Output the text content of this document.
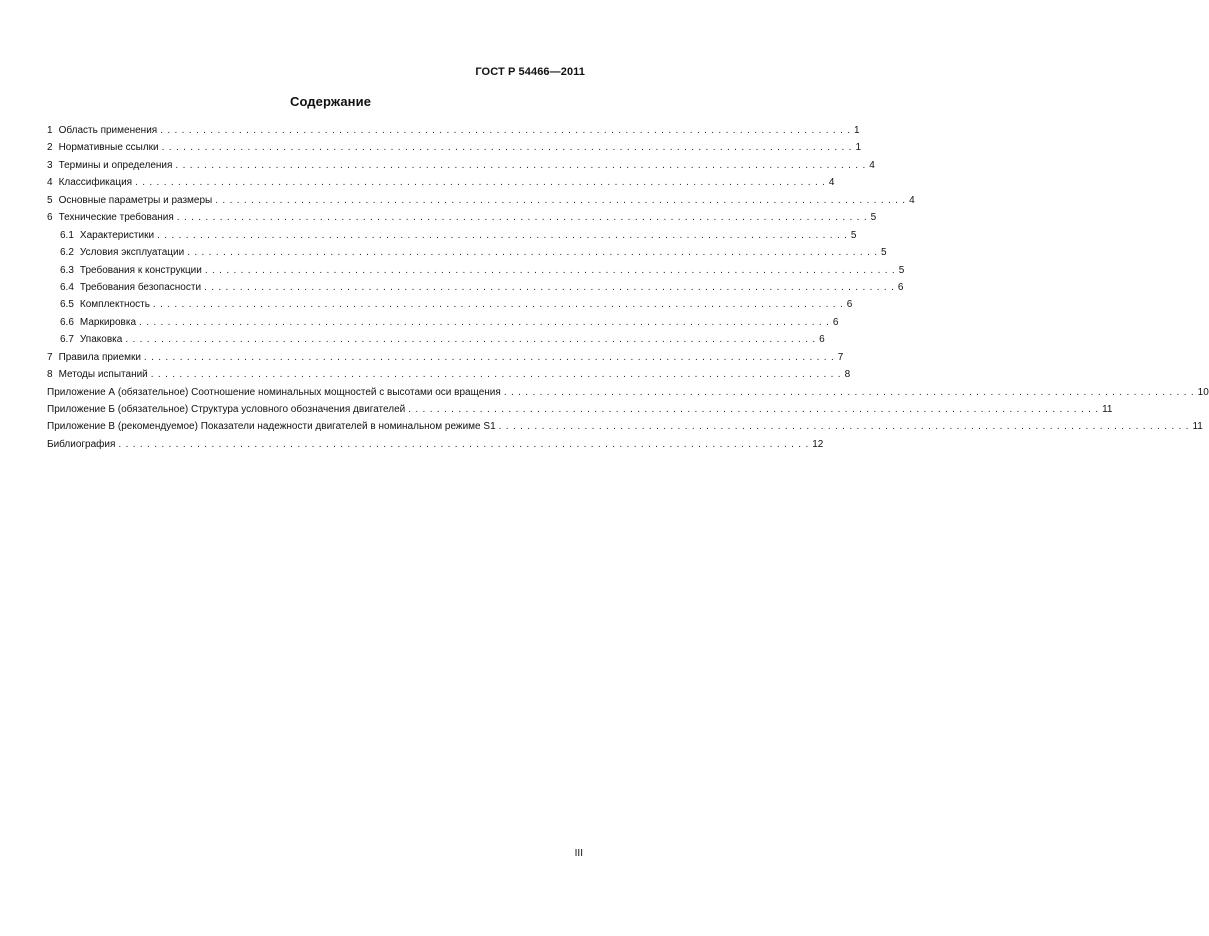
ГОСТ Р 54466—2011
Содержание
1 Область применения . . .	1
2 Нормативные ссылки . . .	1
3 Термины и определения . . .	4
4 Классификация . . .	4
5 Основные параметры и размеры . . .	4
6 Технические требования . . .	5
6.1 Характеристики . . .	5
6.2 Условия эксплуатации . . .	5
6.3 Требования к конструкции . . .	5
6.4 Требования безопасности . . .	6
6.5 Комплектность . . .	6
6.6 Маркировка . . .	6
6.7 Упаковка . . .	6
7 Правила приемки . . .	7
8 Методы испытаний . . .	8
Приложение А (обязательное) Соотношение номинальных мощностей с высотами оси вращения . . .	10
Приложение Б (обязательное) Структура условного обозначения двигателей . . .	11
Приложение В (рекомендуемое) Показатели надежности двигателей в номинальном режиме S1 . . .	11
Библиография . . .	12
III
